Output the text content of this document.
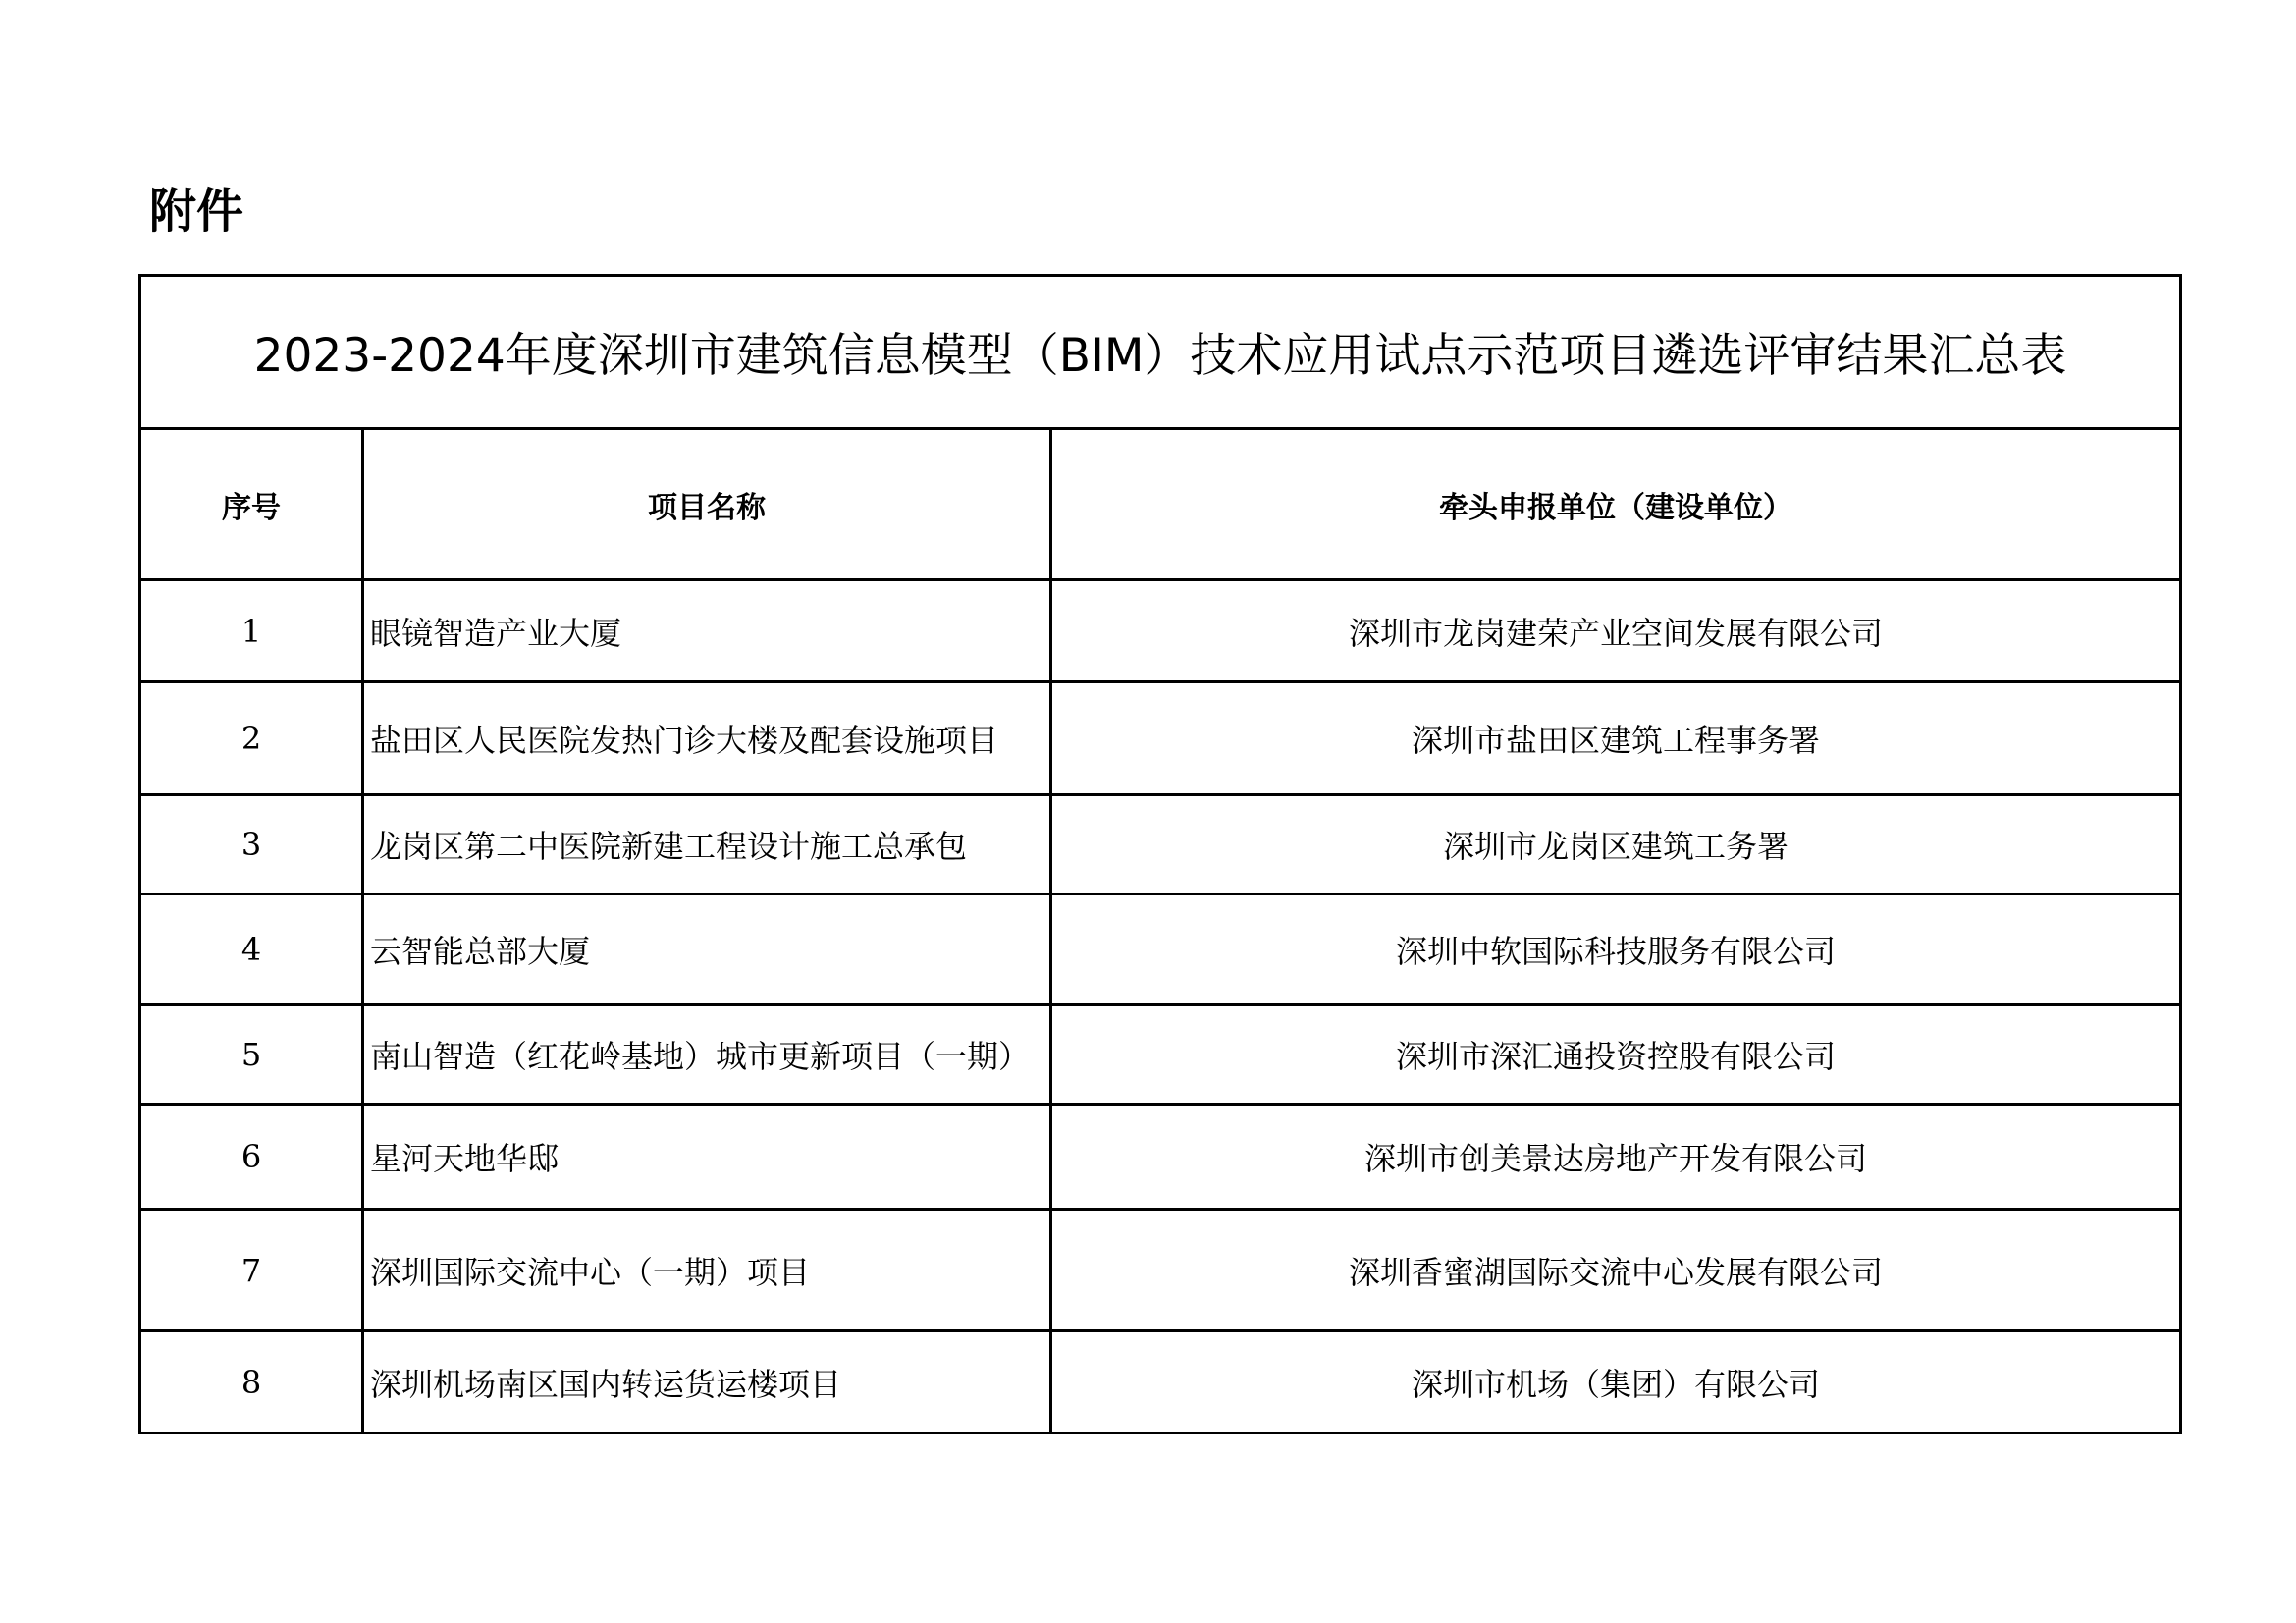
附件
2023-2024年度深圳市建筑信息模型（BIM）技术应用试点示范项目遴选评审结果汇总表		
序号	项目名称	牵头申报单位（建设单位）
1	眼镜智造产业大厦	深圳市龙岗建荣产业空间发展有限公司
2	盐田区人民医院发热门诊大楼及配套设施项目	深圳市盐田区建筑工程事务署
3	龙岗区第二中医院新建工程设计施工总承包	深圳市龙岗区建筑工务署
4	云智能总部大厦	深圳中软国际科技服务有限公司
5	南山智造（红花岭基地）城市更新项目（一期）	深圳市深汇通投资控股有限公司
6	星河天地华邸	深圳市创美景达房地产开发有限公司
7	深圳国际交流中心（一期）项目	深圳香蜜湖国际交流中心发展有限公司
8	深圳机场南区国内转运货运楼项目	深圳市机场（集团）有限公司
